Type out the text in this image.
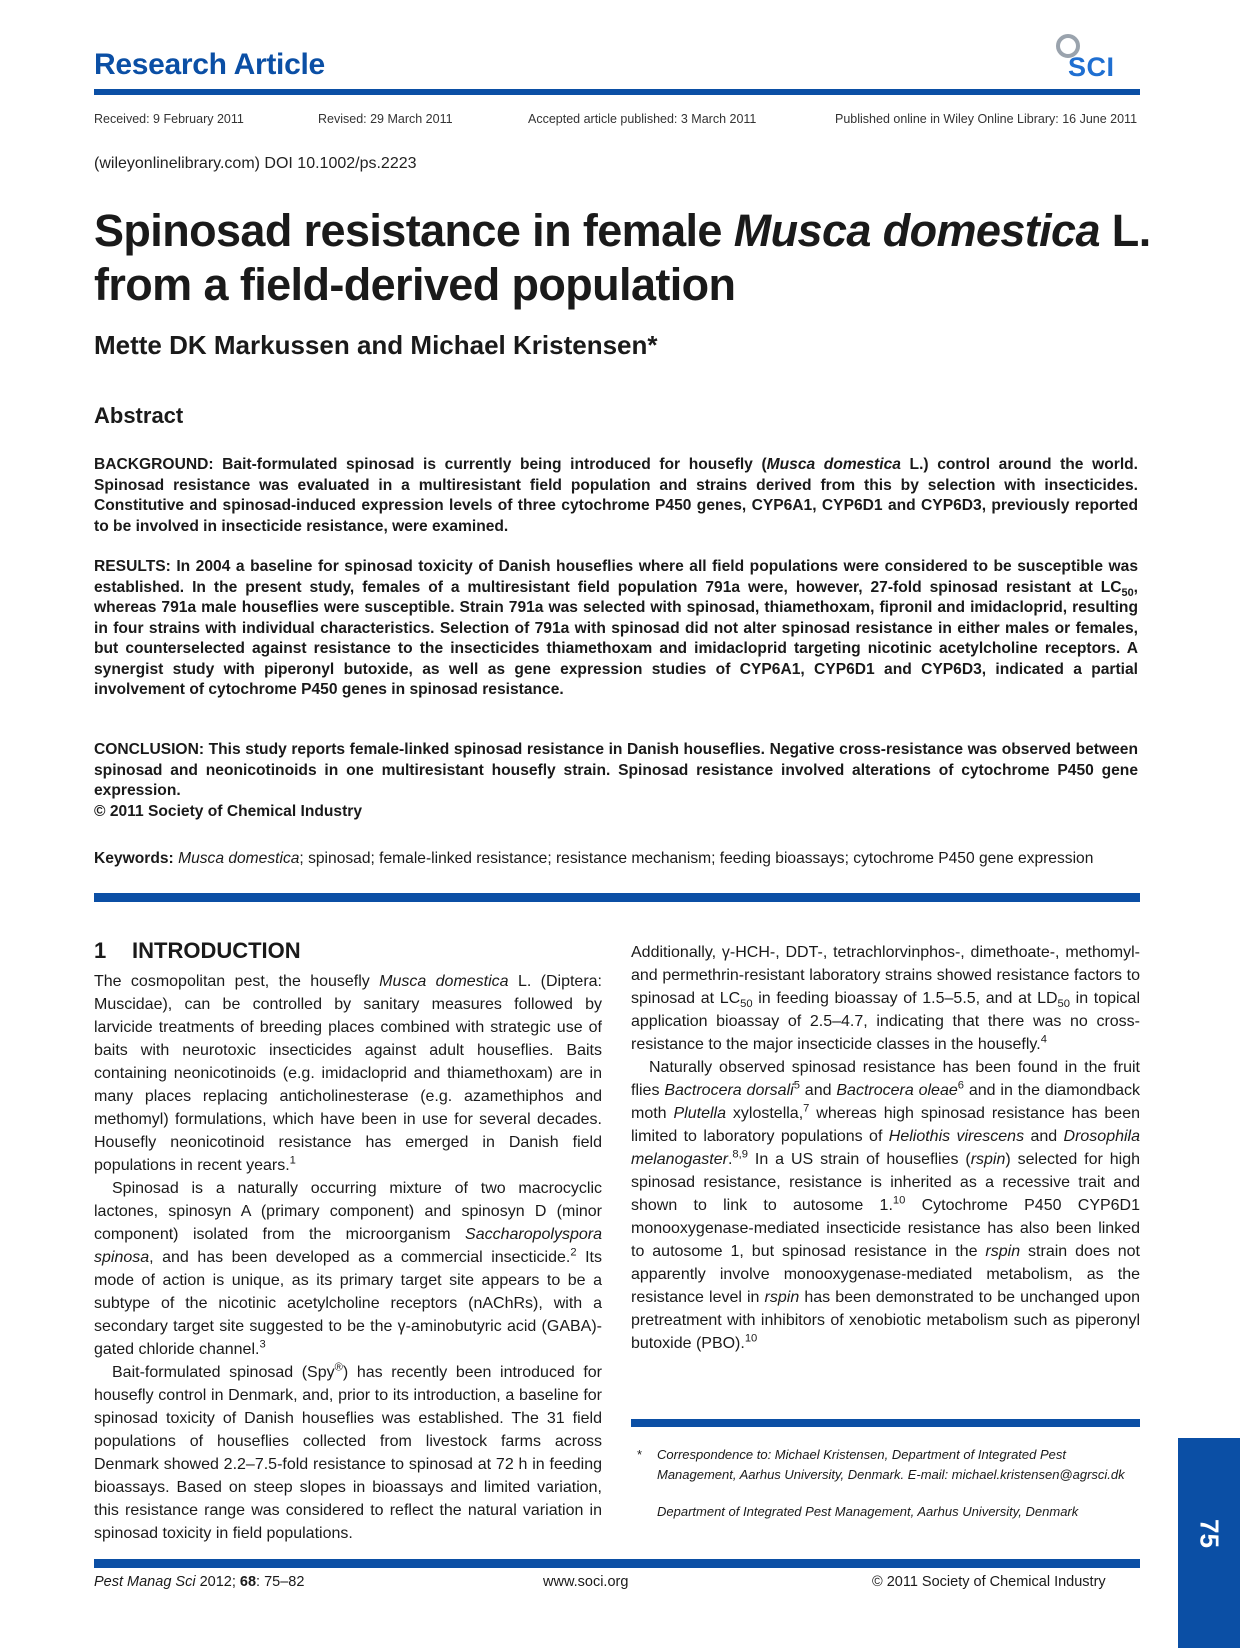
Research Article	SCI
Received: 9 February 2011	Revised: 29 March 2011	Accepted article published: 3 March 2011	Published online in Wiley Online Library: 16 June 2011
(wileyonlinelibrary.com) DOI 10.1002/ps.2223
Spinosad resistance in female Musca domestica L. from a field-derived population
Mette DK Markussen and Michael Kristensen*
Abstract

BACKGROUND: Bait-formulated spinosad is currently being introduced for housefly (Musca domestica L.) control around the world. Spinosad resistance was evaluated in a multiresistant field population and strains derived from this by selection with insecticides. Constitutive and spinosad-induced expression levels of three cytochrome P450 genes, CYP6A1, CYP6D1 and CYP6D3, previously reported to be involved in insecticide resistance, were examined.

RESULTS: In 2004 a baseline for spinosad toxicity of Danish houseflies where all field populations were considered to be susceptible was established. In the present study, females of a multiresistant field population 791a were, however, 27-fold spinosad resistant at $LC_{50}$, whereas 791a male houseflies were susceptible. Strain 791a was selected with spinosad, thiamethoxam, fipronil and imidacloprid, resulting in four strains with individual characteristics. Selection of 791a with spinosad did not alter spinosad resistance in either males or females, but counterselected against resistance to the insecticides thiamethoxam and imidacloprid targeting nicotinic acetylcholine receptors. A synergist study with piperonyl butoxide, as well as gene expression studies of CYP6A1, CYP6D1 and CYP6D3, indicated a partial involvement of cytochrome P450 genes in spinosad resistance.

CONCLUSION: This study reports female-linked spinosad resistance in Danish houseflies. Negative cross-resistance was observed between spinosad and neonicotinoids in one multiresistant housefly strain. Spinosad resistance involved alterations of cytochrome P450 gene expression.
© 2011 Society of Chemical Industry

Keywords: Musca domestica; spinosad; female-linked resistance; resistance mechanism; feeding bioassays; cytochrome P450 gene expression

1 INTRODUCTION

The cosmopolitan pest, the housefly Musca domestica L. (Diptera: Muscidae), can be controlled by sanitary measures followed by larvicide treatments of breeding places combined with strategic use of baits with neurotoxic insecticides against adult houseflies. Baits containing neonicotinoids (e.g. imidacloprid and thiamethoxam) are in many places replacing anticholinesterase (e.g. azamethiphos and methomyl) formulations, which have been in use for several decades. Housefly neonicotinoid resistance has emerged in Danish field populations in recent years.$^1$

Spinosad is a naturally occurring mixture of two macrocyclic lactones, spinosyn A (primary component) and spinosyn D (minor component) isolated from the microorganism Saccharopolyspora spinosa, and has been developed as a commercial insecticide.$^2$ Its mode of action is unique, as its primary target site appears to be a subtype of the nicotinic acetylcholine receptors (nAChRs), with a secondary target site suggested to be the γ-aminobutyric acid (GABA)-gated chloride channel.$^3$

Bait-formulated spinosad (Spy®) has recently been introduced for housefly control in Denmark, and, prior to its introduction, a baseline for spinosad toxicity of Danish houseflies was established. The 31 field populations of houseflies collected from livestock farms across Denmark showed 2.2–7.5-fold resistance to spinosad at 72 h in feeding bioassays. Based on steep slopes in bioassays and limited variation, this resistance range was considered to reflect the natural variation in spinosad toxicity in field populations.

Additionally, γ-HCH-, DDT-, tetrachlorvinphos-, dimethoate-, methomyl- and permethrin-resistant laboratory strains showed resistance factors to spinosad at $LC_{50}$ in feeding bioassay of 1.5–5.5, and at $LD_{50}$ in topical application bioassay of 2.5–4.7, indicating that there was no cross-resistance to the major insecticide classes in the housefly.$^4$

Naturally observed spinosad resistance has been found in the fruit flies Bactrocera dorsali$^5$ and Bactrocera oleae$^6$ and in the diamondback moth Plutella xylostella,$^7$ whereas high spinosad resistance has been limited to laboratory populations of Heliothis virescens and Drosophila melanogaster.$^{8,9}$ In a US strain of houseflies (rspin) selected for high spinosad resistance, resistance is inherited as a recessive trait and shown to link to autosome 1.10 Cytochrome P450 CYP6D1 monooxygenase-mediated insecticide resistance has also been linked to autosome 1, but spinosad resistance in the rspin strain does not apparently involve monooxygenase-mediated metabolism, as the resistance level in rspin has been demonstrated to be unchanged upon pretreatment with inhibitors of xenobiotic metabolism such as piperonyl butoxide (PBO).$^{10}$

* Correspondence to: Michael Kristensen, Department of Integrated Pest Management, Aarhus University, Denmark. E-mail: michael.kristensen@agrsci.dk
Department of Integrated Pest Management, Aarhus University, Denmark
75
Pest Manag Sci 2012; 68: 75–82	www.soci.org	© 2011 Society of Chemical Industry
